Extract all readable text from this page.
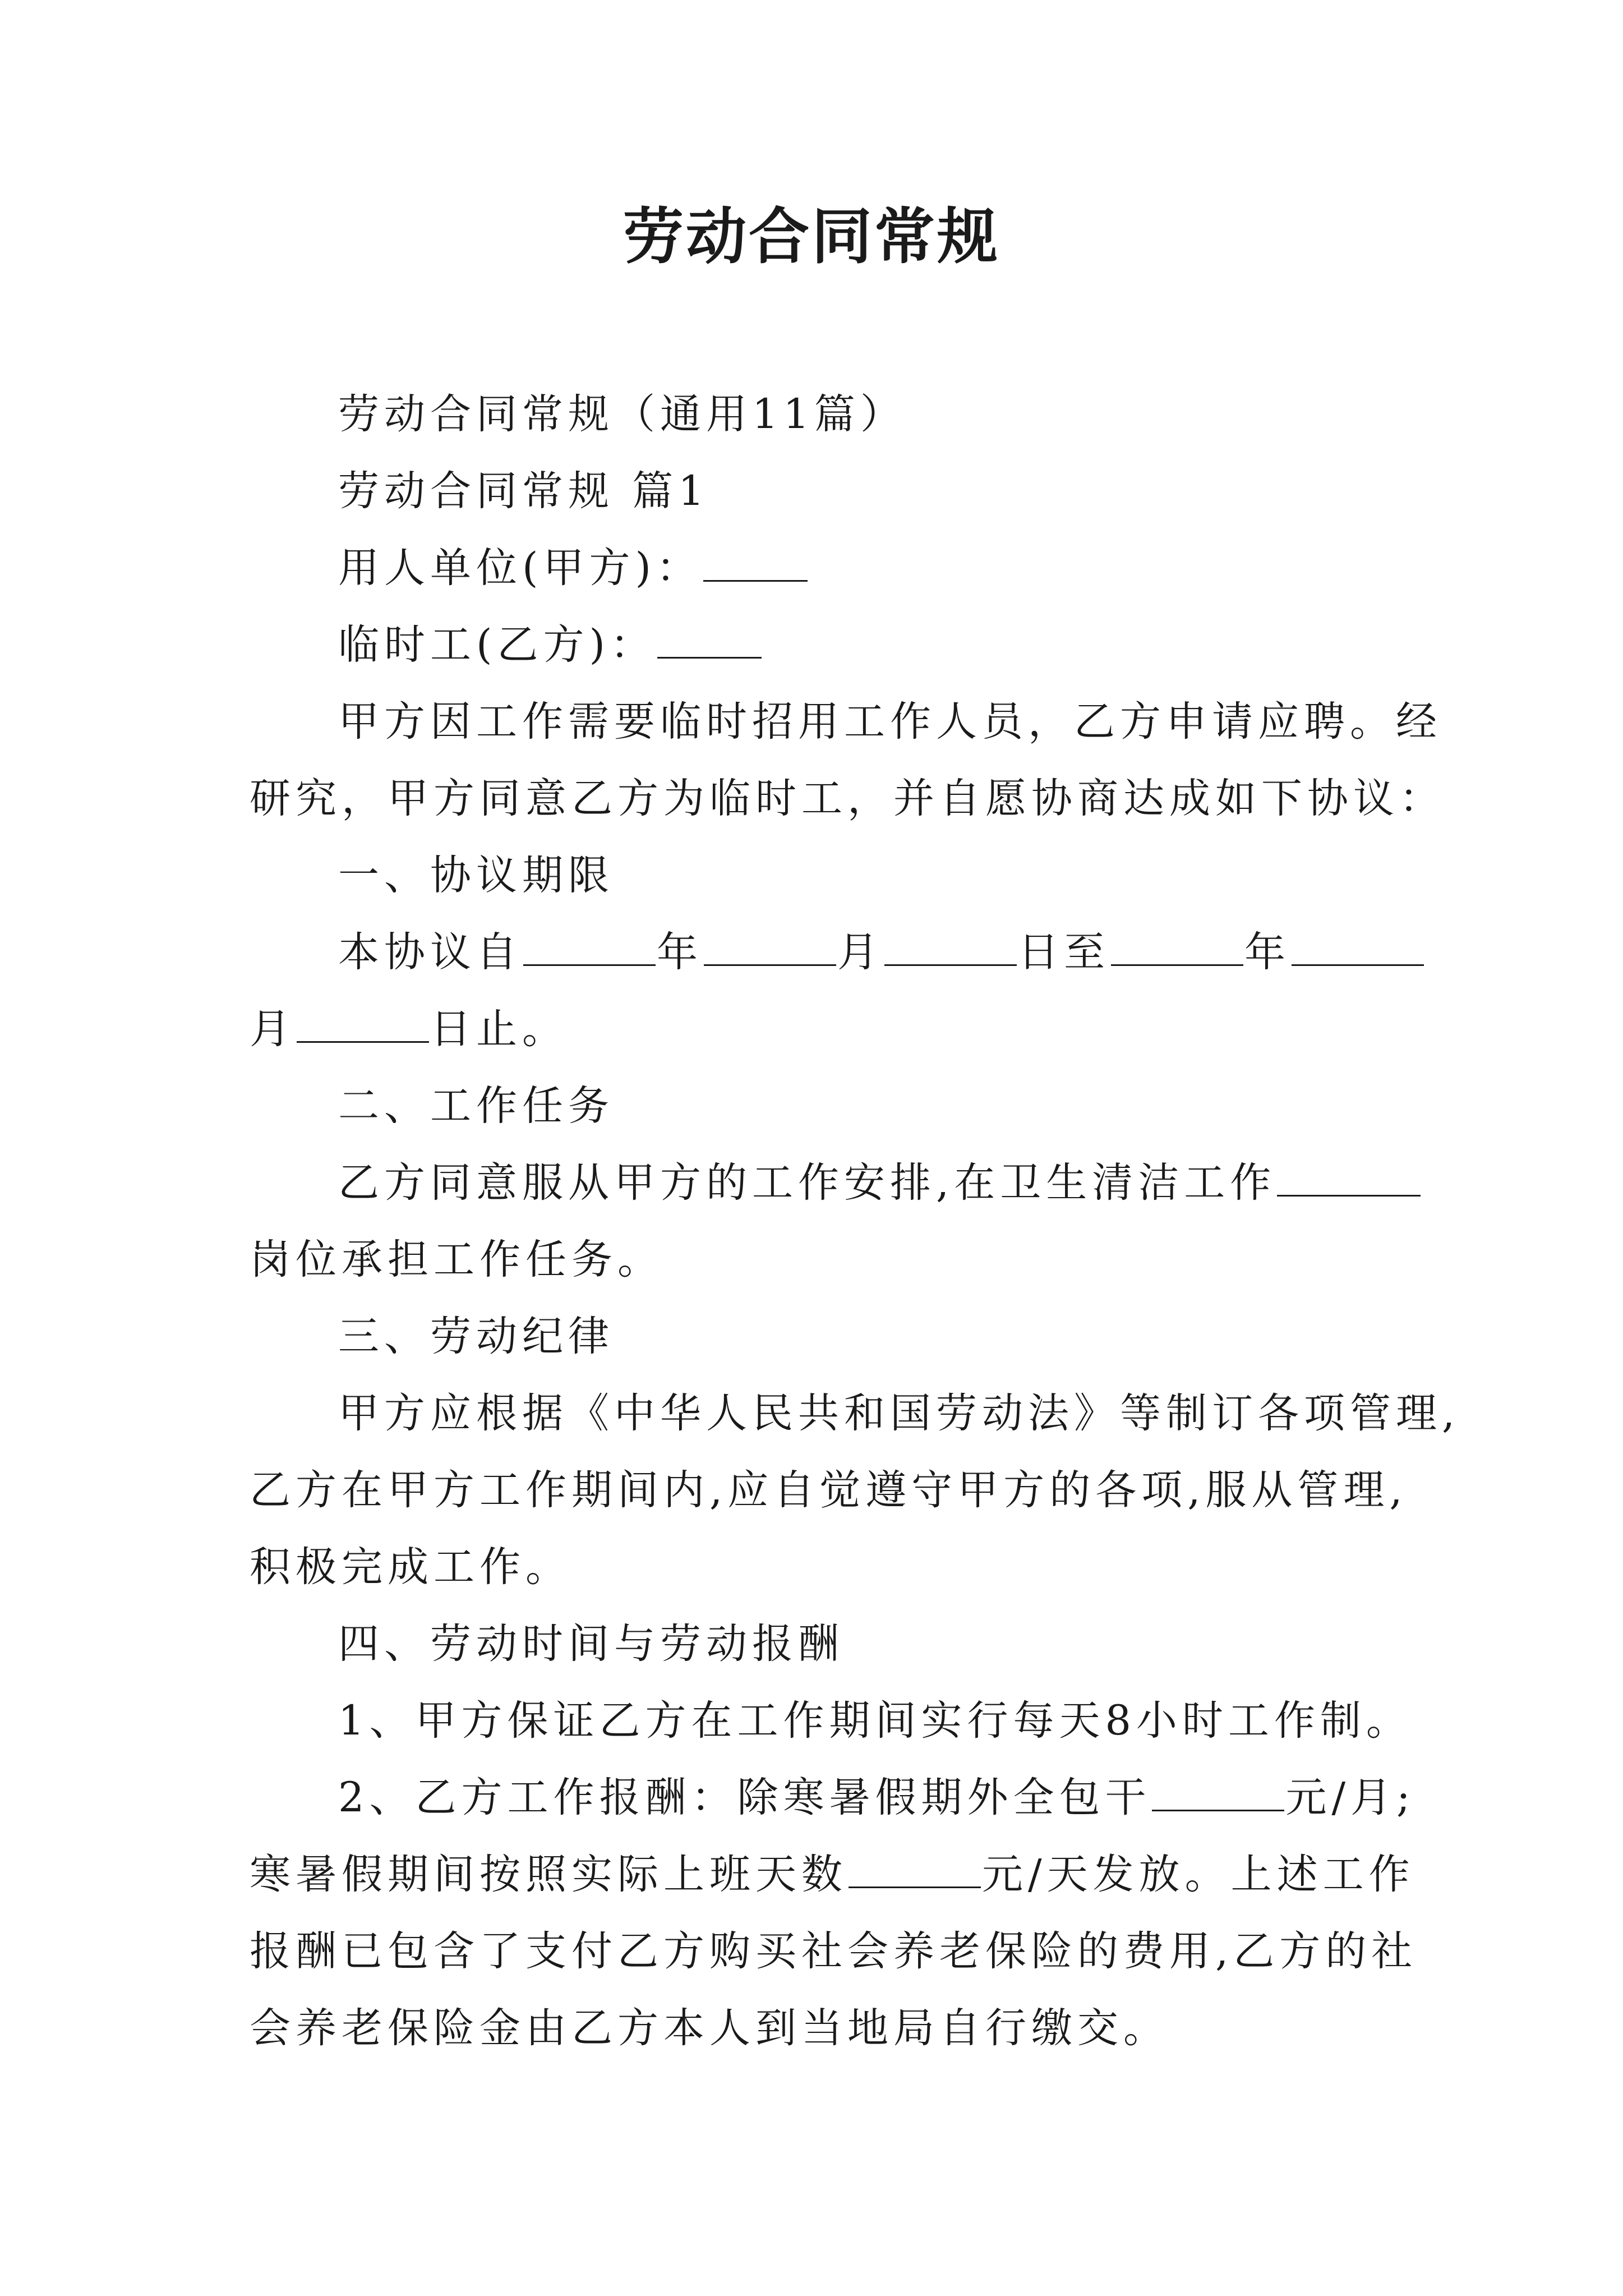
劳动合同常规
劳动合同常规（通用11篇）
劳动合同常规 篇1
用人单位(甲方)：
临时工(乙方)：
甲方因工作需要临时招用工作人员，乙方申请应聘。经
研究，甲方同意乙方为临时工，并自愿协商达成如下协议：
一、协议期限
本协议自	年	月	日至	年
月	日止。
二、工作任务
乙方同意服从甲方的工作安排,在卫生清洁工作
岗位承担工作任务。
三、劳动纪律
甲方应根据《中华人民共和国劳动法》等制订各项管理,
乙方在甲方工作期间内,应自觉遵守甲方的各项,服从管理,
积极完成工作。
四、劳动时间与劳动报酬
1、甲方保证乙方在工作期间实行每天8小时工作制。
2、乙方工作报酬：除寒暑假期外全包干	元/月;
寒暑假期间按照实际上班天数	元/天发放。上述工作
报酬已包含了支付乙方购买社会养老保险的费用,乙方的社
会养老保险金由乙方本人到当地局自行缴交。
